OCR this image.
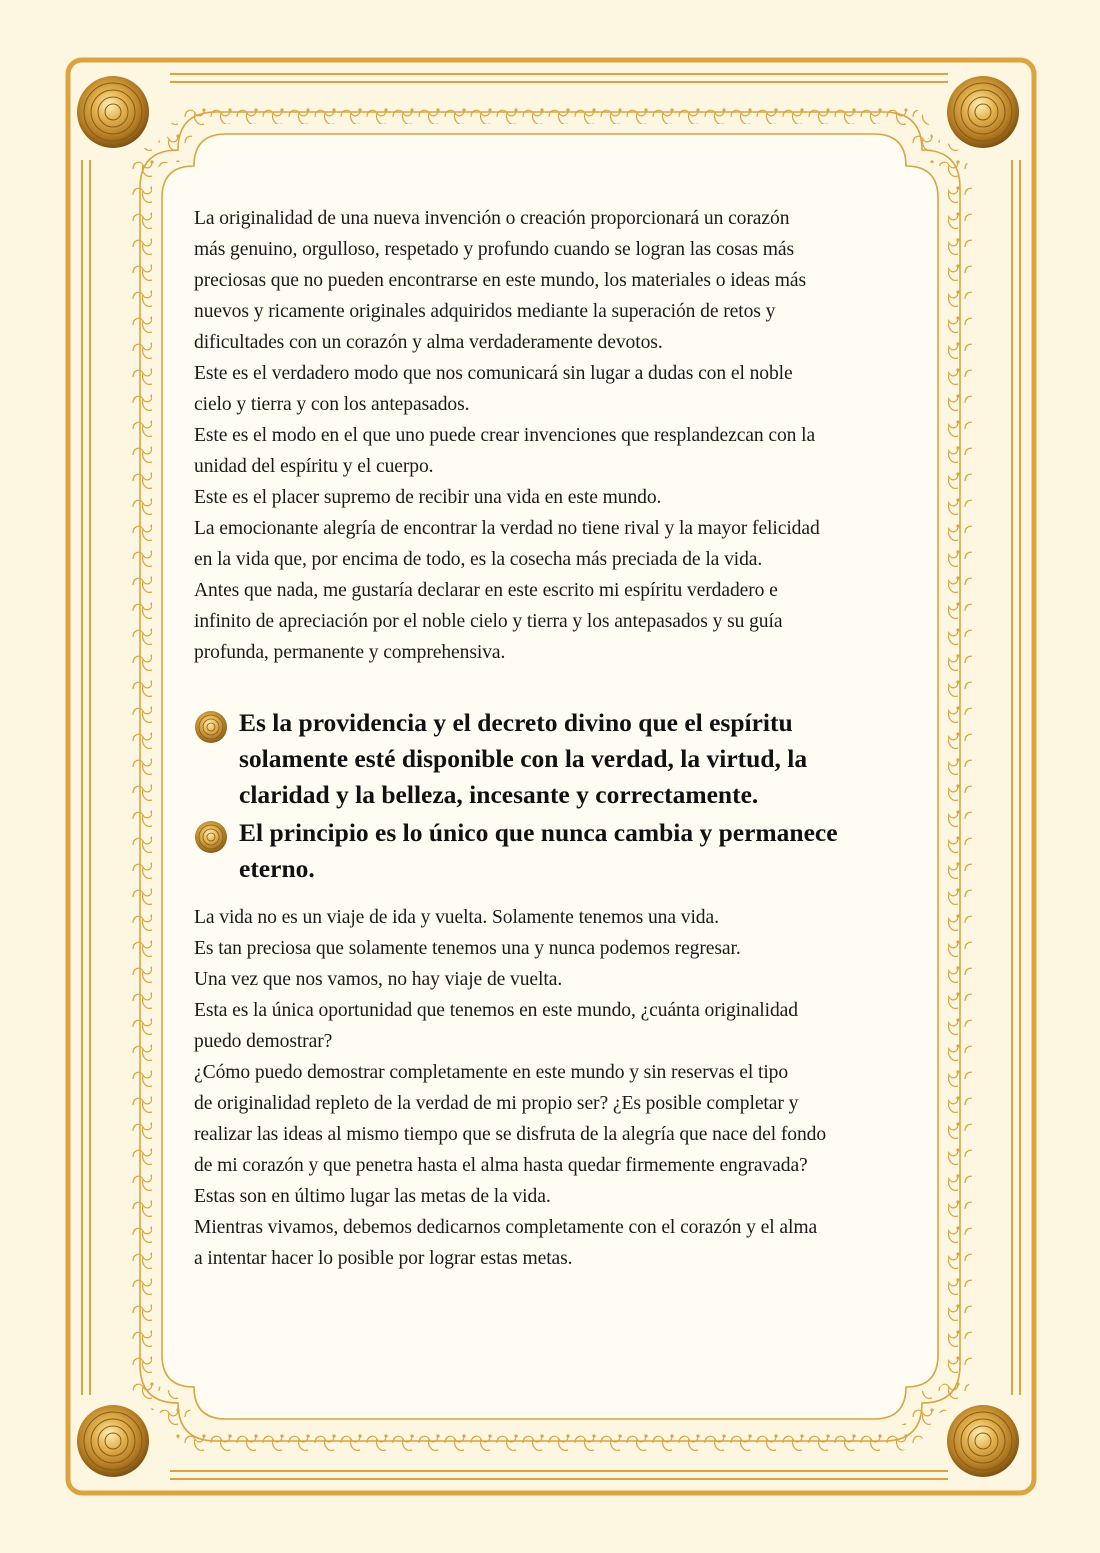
La originalidad de una nueva invención o creación proporcionará un corazón

más genuino, orgulloso, respetado y profundo cuando se logran las cosas más

preciosas que no pueden encontrarse en este mundo, los materiales o ideas más

nuevos y ricamente originales adquiridos mediante la superación de retos y

dificultades con un corazón y alma verdaderamente devotos.

Este es el verdadero modo que nos comunicará sin lugar a dudas con el noble

cielo y tierra y con los antepasados.

Este es el modo en el que uno puede crear invenciones que resplandezcan con la

unidad del espíritu y el cuerpo.

Este es el placer supremo de recibir una vida en este mundo.

La emocionante alegría de encontrar la verdad no tiene rival y la mayor felicidad

en la vida que, por encima de todo, es la cosecha más preciada de la vida.

Antes que nada, me gustaría declarar en este escrito mi espíritu verdadero e

infinito de apreciación por el noble cielo y tierra y los antepasados y su guía

profunda, permanente y comprehensiva.

Es la providencia y el decreto divino que el espíritu
solamente esté disponible con la verdad, la virtud, la
claridad y la belleza, incesante y correctamente.
El principio es lo único que nunca cambia y permanece
eterno.

La vida no es un viaje de ida y vuelta. Solamente tenemos una vida.

Es tan preciosa que solamente tenemos una y nunca podemos regresar.

Una vez que nos vamos, no hay viaje de vuelta.

Esta es la única oportunidad que tenemos en este mundo, ¿cuánta originalidad

puedo demostrar?

¿Cómo puedo demostrar completamente en este mundo y sin reservas el tipo

de originalidad repleto de la verdad de mi propio ser? ¿Es posible completar y

realizar las ideas al mismo tiempo que se disfruta de la alegría que nace del fondo

de mi corazón y que penetra hasta el alma hasta quedar firmemente engravada?

Estas son en último lugar las metas de la vida.

Mientras vivamos, debemos dedicarnos completamente con el corazón y el alma

a intentar hacer lo posible por lograr estas metas.
